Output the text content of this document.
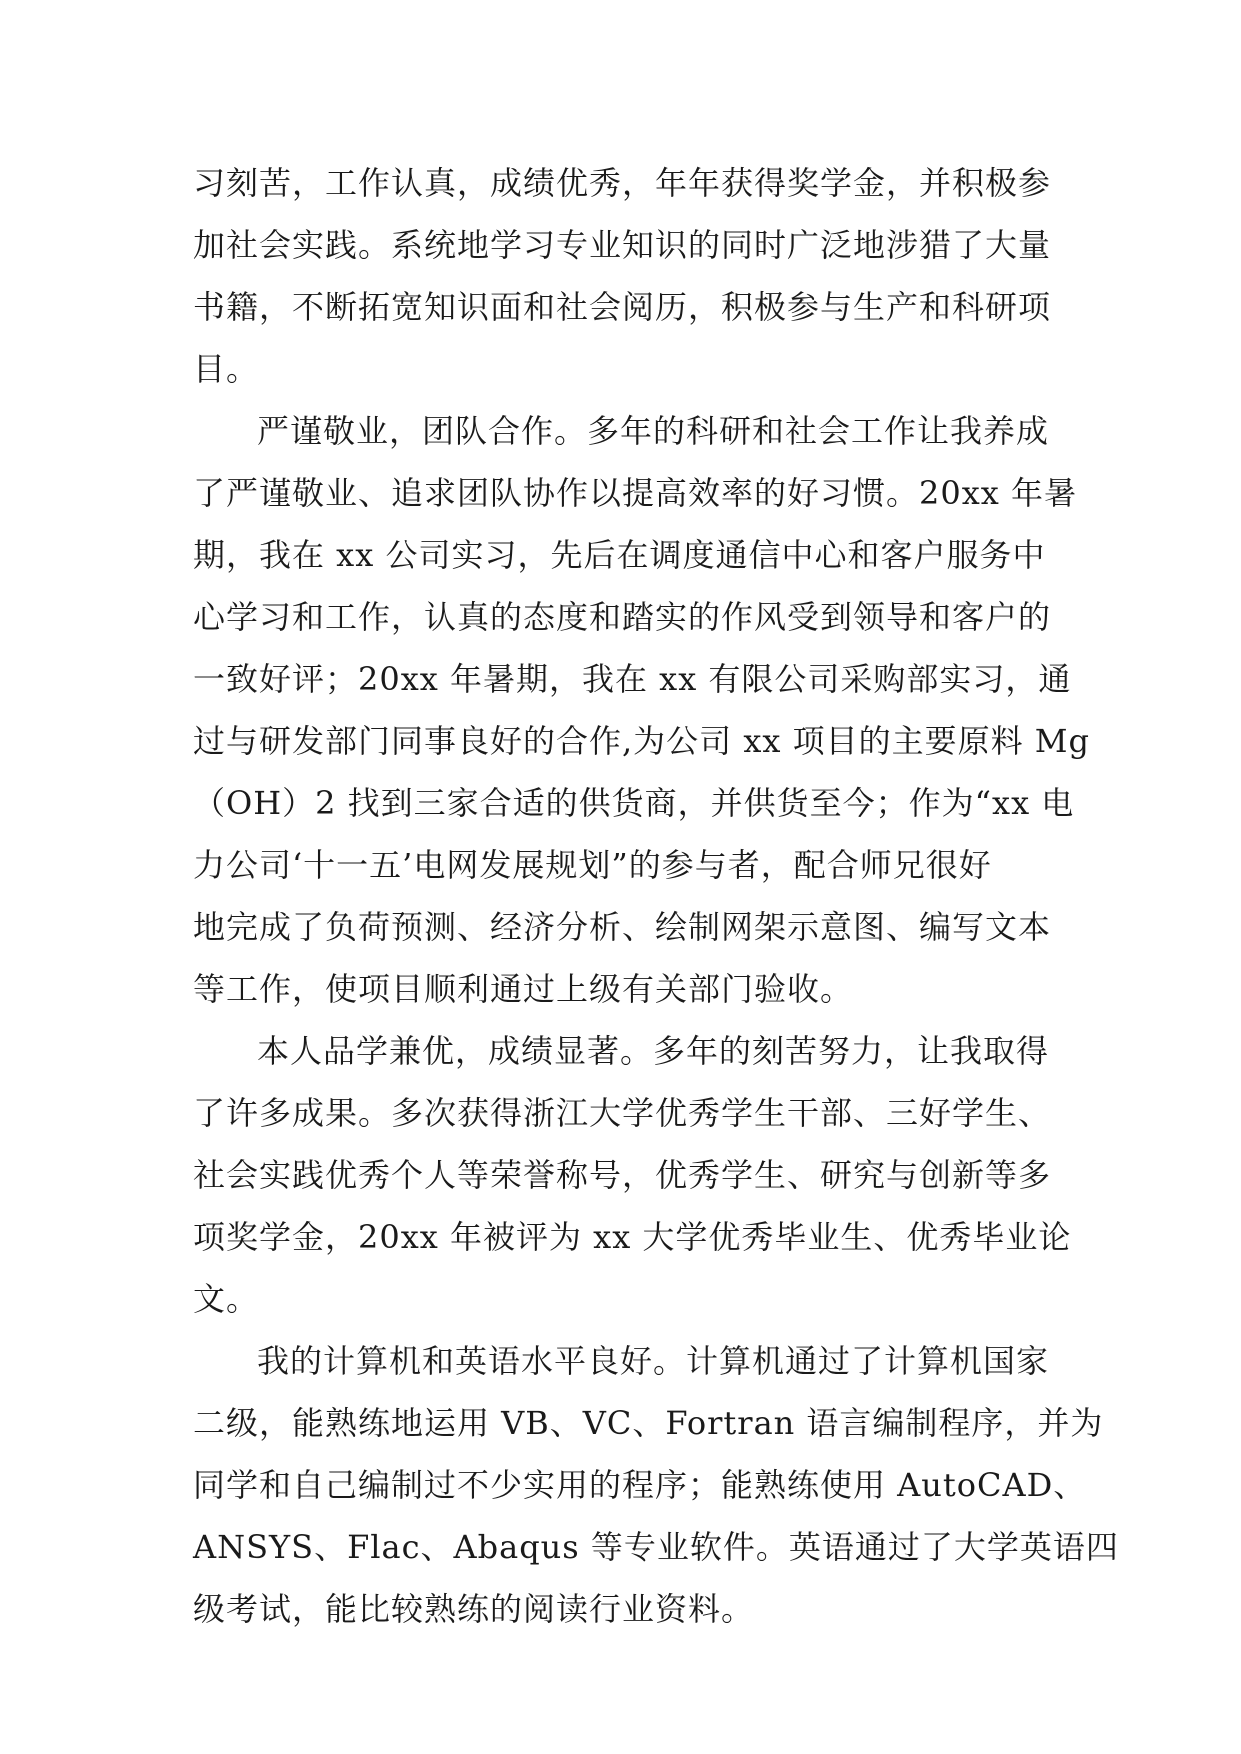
习刻苦，工作认真，成绩优秀，年年获得奖学金，并积极参
加社会实践。系统地学习专业知识的同时广泛地涉猎了大量
书籍，不断拓宽知识面和社会阅历，积极参与生产和科研项
目。
严谨敬业，团队合作。多年的科研和社会工作让我养成
了严谨敬业、追求团队协作以提高效率的好习惯。20xx 年暑
期，我在 xx 公司实习，先后在调度通信中心和客户服务中
心学习和工作，认真的态度和踏实的作风受到领导和客户的
一致好评；20xx 年暑期，我在 xx 有限公司采购部实习，通
过与研发部门同事良好的合作,为公司 xx 项目的主要原料 Mg
（OH）2 找到三家合适的供货商，并供货至今；作为“xx 电
力公司‘十一五’电网发展规划”的参与者，配合师兄很好
地完成了负荷预测、经济分析、绘制网架示意图、编写文本
等工作，使项目顺利通过上级有关部门验收。
本人品学兼优，成绩显著。多年的刻苦努力，让我取得
了许多成果。多次获得浙江大学优秀学生干部、三好学生、
社会实践优秀个人等荣誉称号，优秀学生、研究与创新等多
项奖学金，20xx 年被评为 xx 大学优秀毕业生、优秀毕业论
文。
我的计算机和英语水平良好。计算机通过了计算机国家
二级，能熟练地运用 VB、VC、Fortran 语言编制程序，并为
同学和自己编制过不少实用的程序；能熟练使用 AutoCAD、
ANSYS、Flac、Abaqus 等专业软件。英语通过了大学英语四
级考试，能比较熟练的阅读行业资料。
